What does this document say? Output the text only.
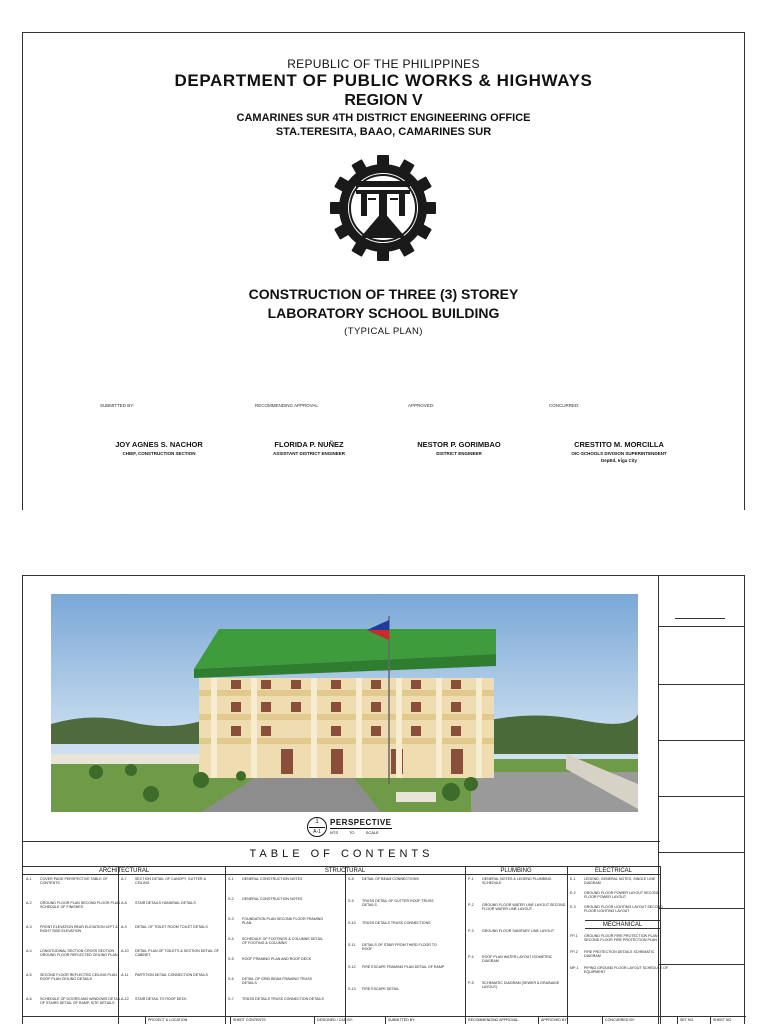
REPUBLIC OF THE PHILIPPINES
DEPARTMENT OF PUBLIC WORKS & HIGHWAYS
REGION V
CAMARINES SUR 4TH DISTRICT ENGINEERING OFFICE
STA.TERESITA, BAAO, CAMARINES SUR
CONSTRUCTION OF THREE (3) STOREY
LABORATORY SCHOOL BUILDING
(TYPICAL PLAN)
SUBMITTED BY:	RECOMMENDING APPROVAL:	APPROVED:	CONCURRED:
JOY AGNES S. NACHOR
CHIEF, CONSTRUCTION SECTION
FLORIDA P. NUÑEZ
ASSISTANT DISTRICT ENGINEER
NESTOR P. GORIMBAO
DISTRICT ENGINEER
CRESTITO M. MORCILLA
OIC-SCHOOLS DIVISION SUPERINTENDENT
DepEd, Iriga City
1
A-1
PERSPECTIVE
NTS	TO	SCALE
TABLE OF CONTENTS
ARCHITECTURAL	STRUCTURAL	PLUMBING	ELECTRICAL
A-1 COVER PAGE PERSPECTIVE TABLE OF CONTENTS
A-2 GROUND FLOOR PLAN SECOND FLOOR PLAN SCHEDULE OF FINISHES
A-3 FRONT ELEVATION REAR ELEVATION LEFT & RIGHT SIDE ELEVATION
A-4 LONGITUDINAL SECTION CROSS SECTION GROUND FLOOR REFLECTED CEILING PLAN
A-5 SECOND FLOOR REFLECTED CEILING PLAN ROOF PLAN CEILING DETAILS
A-6 SCHEDULE OF DOORS AND WINDOWS DETAIL OF STAIRS DETAIL OF RAMP, SITE DETAILS
A-7 SECTION DETAIL OF CANOPY, GUTTER & CEILING
A-8 STAIR DETAILS HANDRAIL DETAILS
A-9 DETAIL OF TOILET ROOM TOILET DETAILS
A-10 DETAIL PLAN OF TOILETS & SECTION DETAIL OF CABINET
A-11 PARTITION DETAIL CONNECTION DETAILS
A-12 STAIR DETAIL TO ROOF DECK
S-1 GENERAL CONSTRUCTION NOTES
S-2 GENERAL CONSTRUCTION NOTES
S-3 FOUNDATION PLAN SECOND FLOOR FRAMING PLAN
S-4 SCHEDULE OF FOOTINGS & COLUMNS DETAIL OF FOOTING & COLUMNS
S-5 ROOF FRAMING PLAN AND ROOF DECK
S-6 DETAIL OF GRID BEAM FRAMING TRUSS DETAILS
S-7 TRUSS DETAILS TRUSS CONNECTION DETAILS
S-8 DETAIL OF BEAM CONNECTIONS
S-9 TRUSS DETAIL OF GUTTER ROOF TRUSS DETAILS
S-10 TRUSS DETAILS TRUSS CONNECTIONS
S-11 DETAILS OF STAIR FROM THIRD FLOOR TO ROOF
S-12 FIRE ESCAPE FRAMING PLAN DETAIL OF RAMP
S-13 FIRE ESCAPE DETAIL
P-1 GENERAL NOTES & LEGEND PLUMBING SCHEDULE
P-2 GROUND FLOOR WATER LINE LAYOUT SECOND FLOOR WATER LINE LAYOUT
P-3 GROUND FLOOR SANITARY LINE LAYOUT
P-4 ROOF PLAN WATER LAYOUT ISOMETRIC DIAGRAM
P-5 SCHEMATIC DIAGRAM (SEWER & DRAINAGE LAYOUT)
E-1 LEGEND, GENERAL NOTES, SINGLE LINE DIAGRAM
E-2 GROUND FLOOR POWER LAYOUT SECOND FLOOR POWER LAYOUT
E-3 GROUND FLOOR LIGHTING LAYOUT SECOND FLOOR LIGHTING LAYOUT
MECHANICAL
FP-1 GROUND FLOOR FIRE PROTECTION PLAN SECOND FLOOR FIRE PROTECTION PLAN
FP-2 FIRE PROTECTION DETAILS SCHEMATIC DIAGRAM
MP-1 PIPING GROUND FLOOR LAYOUT SCHEDULE OF EQUIPMENT
PROJECT & LOCATION	SHEET CONTENTS	DESIGNED / CAD BY:	SUBMITTED BY:	RECOMMENDING APPROVAL:	APPROVED BY:	CONCURRED BY:	SET NO.	SHEET NO.
